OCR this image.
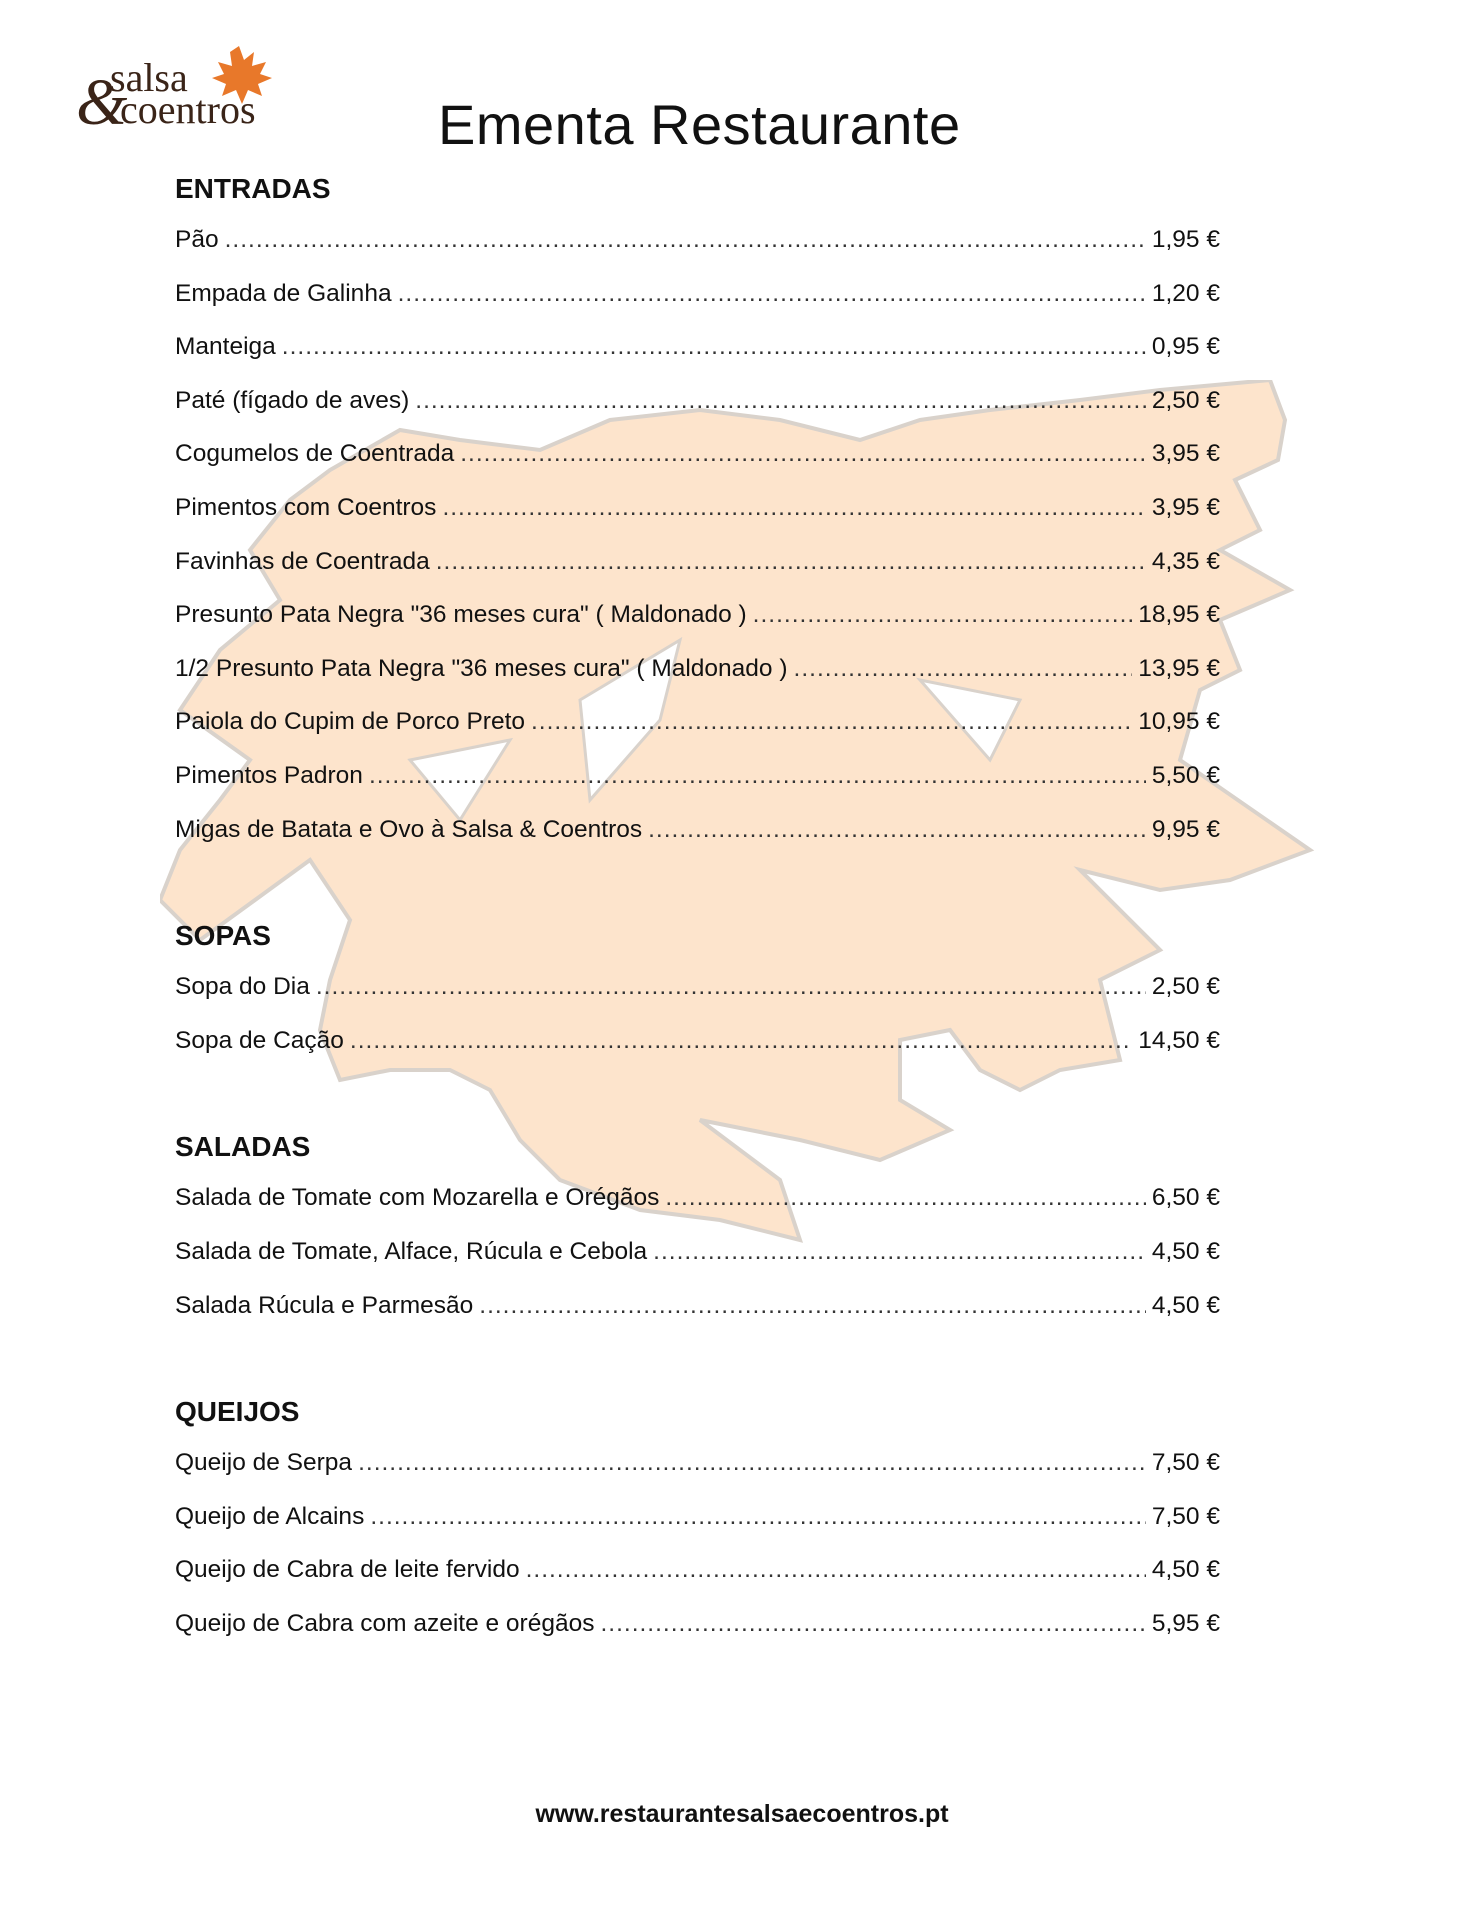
&
salsa
coentros	Ementa Restaurante
ENTRADAS
Pão .....	1,95 €
Empada de Galinha .....	1,20 €
Manteiga .....	0,95 €
Paté (fígado de aves) .....	2,50 €
Cogumelos de Coentrada .....	3,95 €
Pimentos com Coentros .....	3,95 €
Favinhas de Coentrada .....	4,35 €
Presunto Pata Negra "36 meses cura" ( Maldonado ) .....	18,95 €
1/2 Presunto Pata Negra "36 meses cura" ( Maldonado ) .....	13,95 €
Paiola do Cupim de Porco Preto .....	10,95 €
Pimentos Padron .....	5,50 €
Migas de Batata e Ovo à Salsa & Coentros .....	9,95 €
SOPAS
Sopa do Dia .....	2,50 €
Sopa de Cação .....	14,50 €
SALADAS
Salada de Tomate com Mozarella e Orégãos .....	6,50 €
Salada de Tomate, Alface, Rúcula e Cebola .....	4,50 €
Salada Rúcula e Parmesão .....	4,50 €
QUEIJOS
Queijo de Serpa .....	7,50 €
Queijo de Alcains .....	7,50 €
Queijo de Cabra de leite fervido .....	4,50 €
Queijo de Cabra com azeite e orégãos .....	5,95 €
www.restaurantesalsaecoentros.pt
